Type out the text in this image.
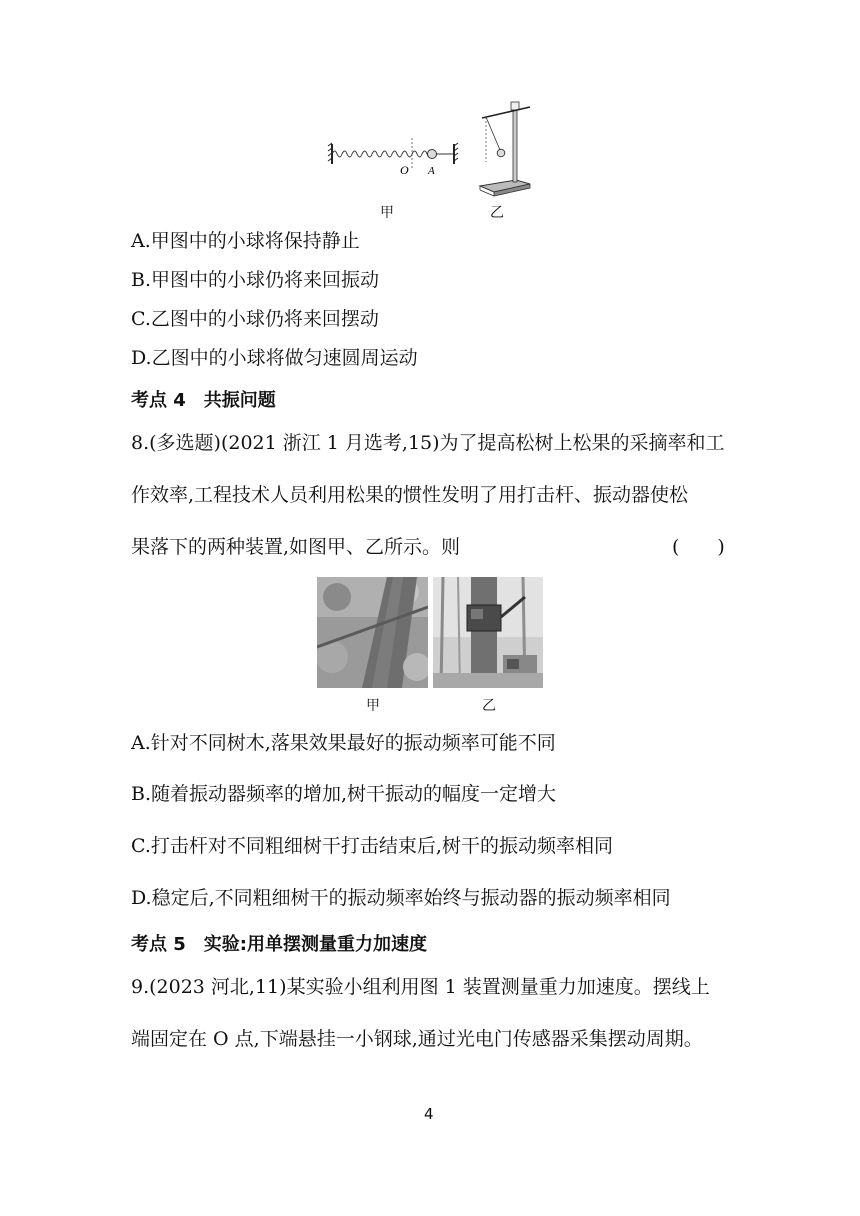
O A
甲	乙
A.甲图中的小球将保持静止
B.甲图中的小球仍将来回振动
C.乙图中的小球仍将来回摆动
D.乙图中的小球将做匀速圆周运动
考点 4　共振问题
8.(多选题)(2021 浙江 1 月选考,15)为了提高松树上松果的采摘率和工
作效率,工程技术人员利用松果的惯性发明了用打击杆、振动器使松
果落下的两种装置,如图甲、乙所示。则	(　　)
甲	乙
A.针对不同树木,落果效果最好的振动频率可能不同
B.随着振动器频率的增加,树干振动的幅度一定增大
C.打击杆对不同粗细树干打击结束后,树干的振动频率相同
D.稳定后,不同粗细树干的振动频率始终与振动器的振动频率相同
考点 5　实验:用单摆测量重力加速度
9.(2023 河北,11)某实验小组利用图 1 装置测量重力加速度。摆线上
端固定在 O 点,下端悬挂一小钢球,通过光电门传感器采集摆动周期。
4
